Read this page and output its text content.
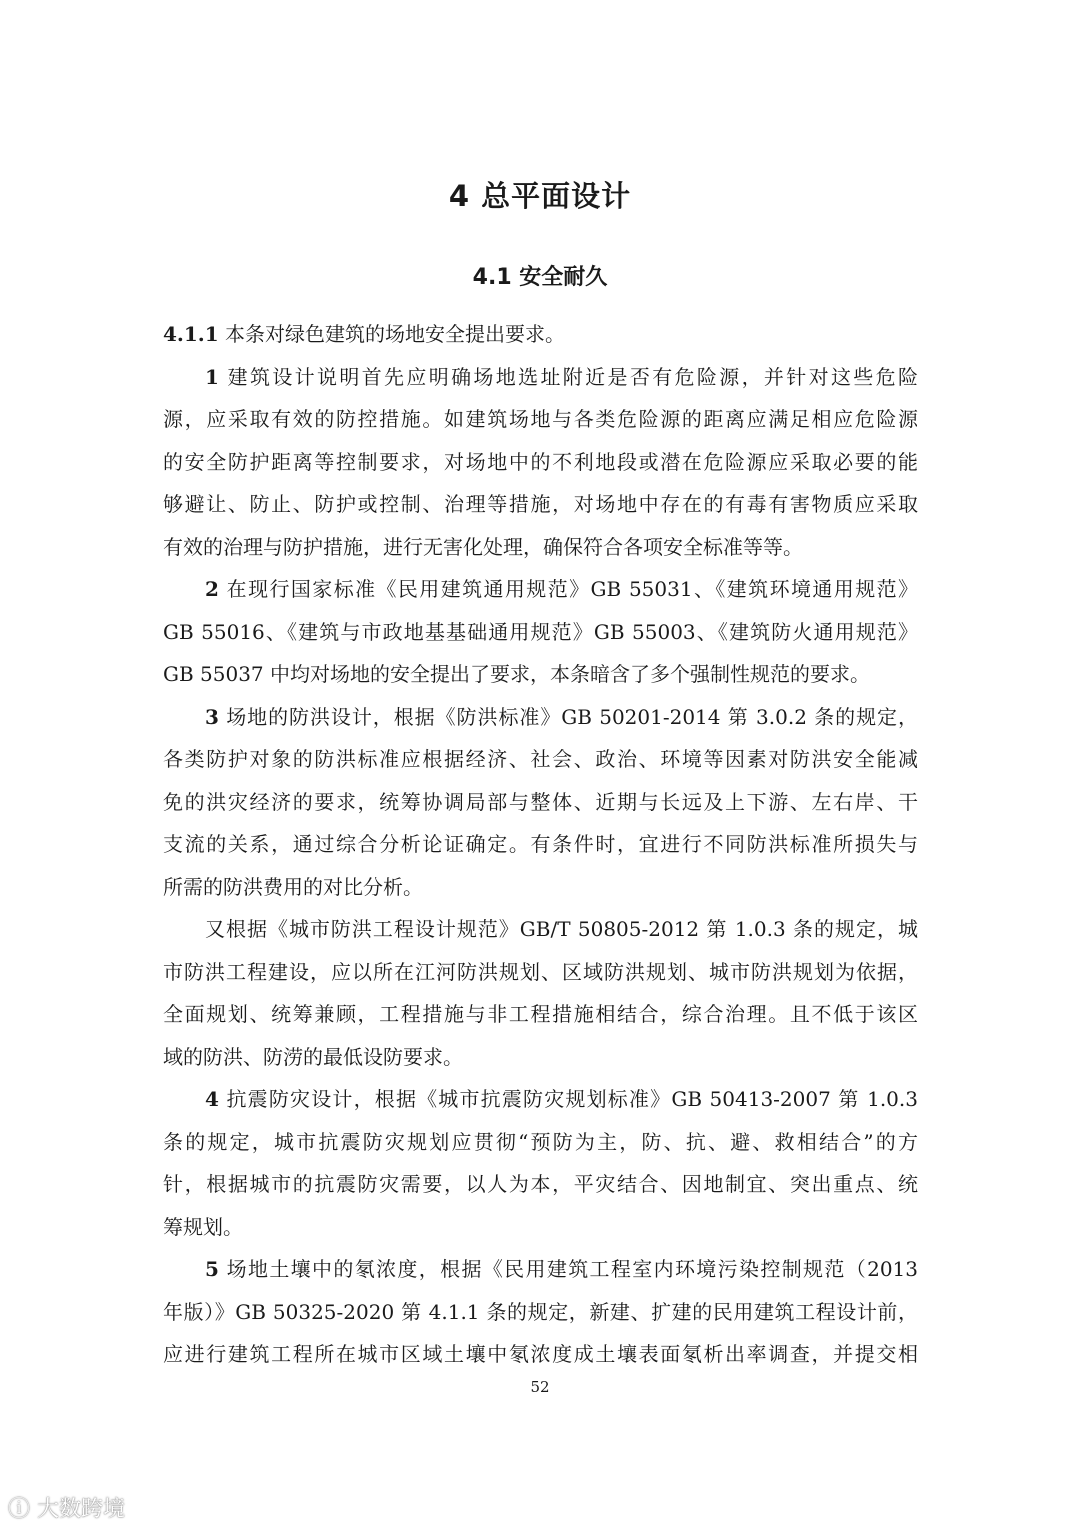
4 总平面设计
4.1 安全耐久
4.1.1 本条对绿色建筑的场地安全提出要求。
1 建筑设计说明首先应明确场地选址附近是否有危险源，并针对这些危险
源，应采取有效的防控措施。如建筑场地与各类危险源的距离应满足相应危险源
的安全防护距离等控制要求，对场地中的不利地段或潜在危险源应采取必要的能
够避让、防止、防护或控制、治理等措施，对场地中存在的有毒有害物质应采取
有效的治理与防护措施，进行无害化处理，确保符合各项安全标准等等。
2 在现行国家标准《民用建筑通用规范》GB 55031、《建筑环境通用规范》
GB 55016、《建筑与市政地基基础通用规范》GB 55003、《建筑防火通用规范》
GB 55037 中均对场地的安全提出了要求，本条暗含了多个强制性规范的要求。
3 场地的防洪设计，根据《防洪标准》GB 50201-2014 第 3.0.2 条的规定，
各类防护对象的防洪标准应根据经济、社会、政治、环境等因素对防洪安全能减
免的洪灾经济的要求，统筹协调局部与整体、近期与长远及上下游、左右岸、干
支流的关系，通过综合分析论证确定。有条件时，宜进行不同防洪标准所损失与
所需的防洪费用的对比分析。
又根据《城市防洪工程设计规范》GB/T 50805-2012 第 1.0.3 条的规定，城
市防洪工程建设，应以所在江河防洪规划、区域防洪规划、城市防洪规划为依据，
全面规划、统筹兼顾，工程措施与非工程措施相结合，综合治理。且不低于该区
域的防洪、防涝的最低设防要求。
4 抗震防灾设计，根据《城市抗震防灾规划标准》GB 50413-2007 第 1.0.3
条的规定，城市抗震防灾规划应贯彻“预防为主，防、抗、避、救相结合”的方
针，根据城市的抗震防灾需要，以人为本，平灾结合、因地制宜、突出重点、统
筹规划。
5 场地土壤中的氡浓度，根据《民用建筑工程室内环境污染控制规范（2013
年版）》GB 50325-2020 第 4.1.1 条的规定，新建、扩建的民用建筑工程设计前，
应进行建筑工程所在城市区域土壤中氡浓度成土壤表面氡析出率调查，并提交相
52
ⓘ 大数跨境
